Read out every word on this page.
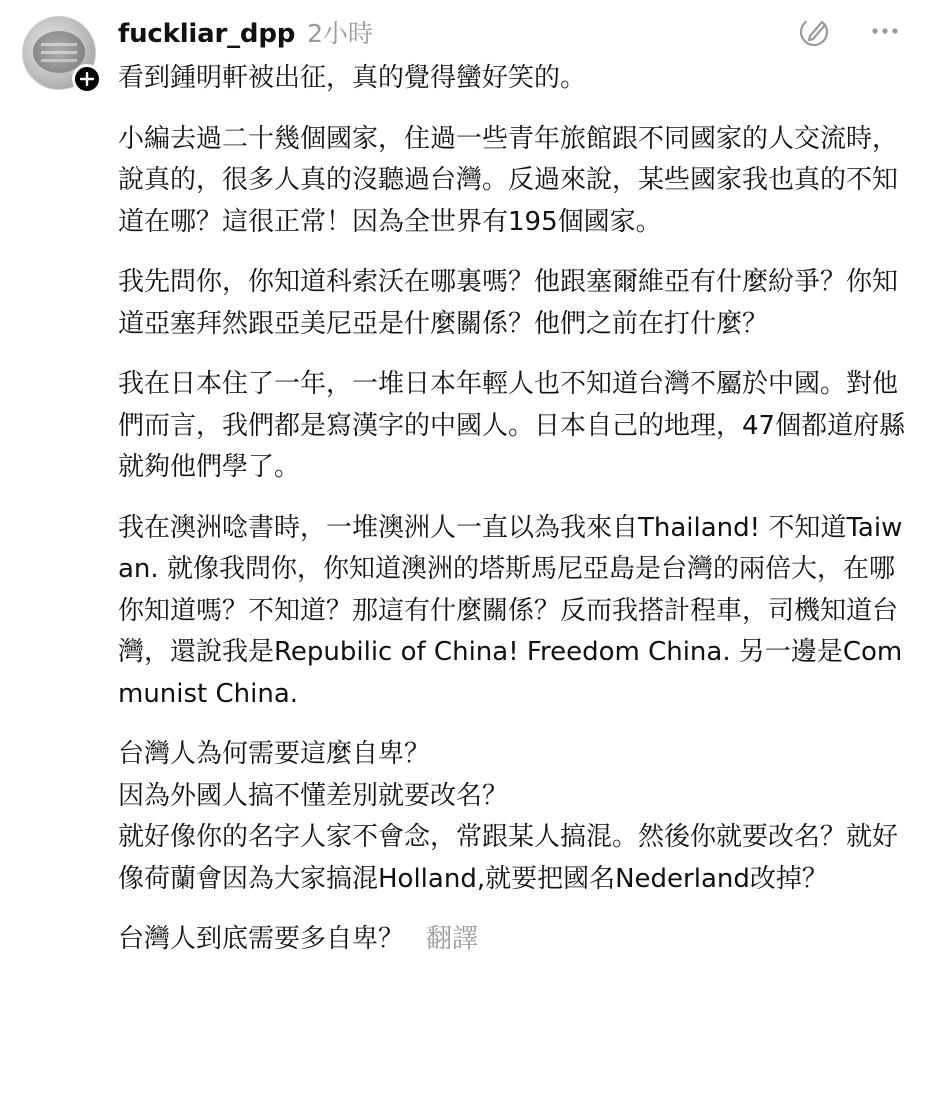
fuckliar_dpp 2小時

看到鍾明軒被出征，真的覺得蠻好笑的。

小編去過二十幾個國家，住過一些青年旅館跟不同國家的人交流時，說真的，很多人真的沒聽過台灣。反過來說，某些國家我也真的不知道在哪？這很正常！因為全世界有195個國家。

我先問你，你知道科索沃在哪裏嗎？他跟塞爾維亞有什麼紛爭？你知道亞塞拜然跟亞美尼亞是什麼關係？他們之前在打什麼？

我在日本住了一年，一堆日本年輕人也不知道台灣不屬於中國。對他們而言，我們都是寫漢字的中國人。日本自己的地理，47個都道府縣就夠他們學了。

我在澳洲唸書時，一堆澳洲人一直以為我來自Thailand! 不知道Taiwan. 就像我問你，你知道澳洲的塔斯馬尼亞島是台灣的兩倍大，在哪你知道嗎？不知道？那這有什麼關係？反而我搭計程車，司機知道台灣，還說我是Repubilic of China! Freedom China. 另一邊是Communist China.

台灣人為何需要這麼自卑？
因為外國人搞不懂差別就要改名？
就好像你的名字人家不會念，常跟某人搞混。然後你就要改名？就好像荷蘭會因為大家搞混Holland,就要把國名Nederland改掉？

台灣人到底需要多自卑？ 翻譯
